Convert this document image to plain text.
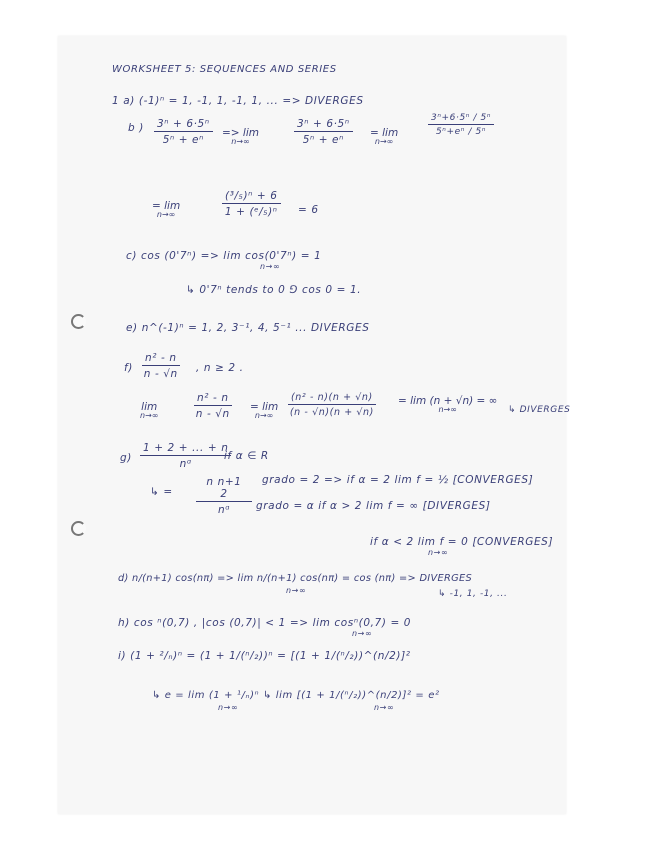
WORKSHEET 5: SEQUENCES AND SERIES
1 a) (-1)ⁿ = 1, -1, 1, -1, 1, ... => DIVERGES
b ) $\frac{\text{3ⁿ + 6·5ⁿ}}{\text{5ⁿ + eⁿ}} => \lim$
n→∞	$\frac{\text{3ⁿ + 6·5ⁿ}}{\text{5ⁿ + eⁿ}} = \lim$
n→∞
$\frac{\text{3ⁿ+6·5ⁿ / 5ⁿ}}{\text{5ⁿ+eⁿ / 5ⁿ}}$
= lim
n→∞	$\frac{\text{(³/₅)ⁿ + 6}}{\text{1 + (ᵉ/₅)ⁿ}} = 6$
c) cos (0'7ⁿ) => lim cos(0'7ⁿ) = 1
n→∞
↳ 0'7ⁿ tends to 0 ⅁ cos 0 = 1.
e) n^(-1)ⁿ = 1, 2, 3⁻¹, 4, 5⁻¹ ... DIVERGES
$f) \frac{\text{n² - n}}{n - √n}$ , n ≥ 2 .
lim
n→∞	$\frac{\text{n² - n}}{n - √n} = \lim$
n→∞	$\frac{\text{(n² - n)(n + √n)}}{(n - √n)(n + √n)} = \lim (n + √n)$ = ∞
n→∞	↳ DIVERGES
$g) \frac{1 + 2 + ... + n}{\text{nᵅ}}$
if α ∈ R
↳ =
n n+1
2
nᵅ
grado = 2 => if α = 2 lim f = ½ [CONVERGES]
grado = α if α > 2 lim f = ∞ [DIVERGES]
if α < 2 lim f = 0 [CONVERGES]
n→∞
d) n/(n+1) cos(nπ) => lim n/(n+1) cos(nπ) = cos (nπ) => DIVERGES
n→∞	↳ -1, 1, -1, ...
h) cos ⁿ(0,7) , |cos (0,7)| < 1 => lim cosⁿ(0,7) = 0
n→∞
i) (1 + ²/ₙ)ⁿ = (1 + 1/(ⁿ/₂))ⁿ = [(1 + 1/(ⁿ/₂))^(n/2)]²
↳ e = lim (1 + ¹/ₙ)ⁿ ↳ lim [(1 + 1/(ⁿ/₂))^(n/2)]² = e²
n→∞	n→∞
